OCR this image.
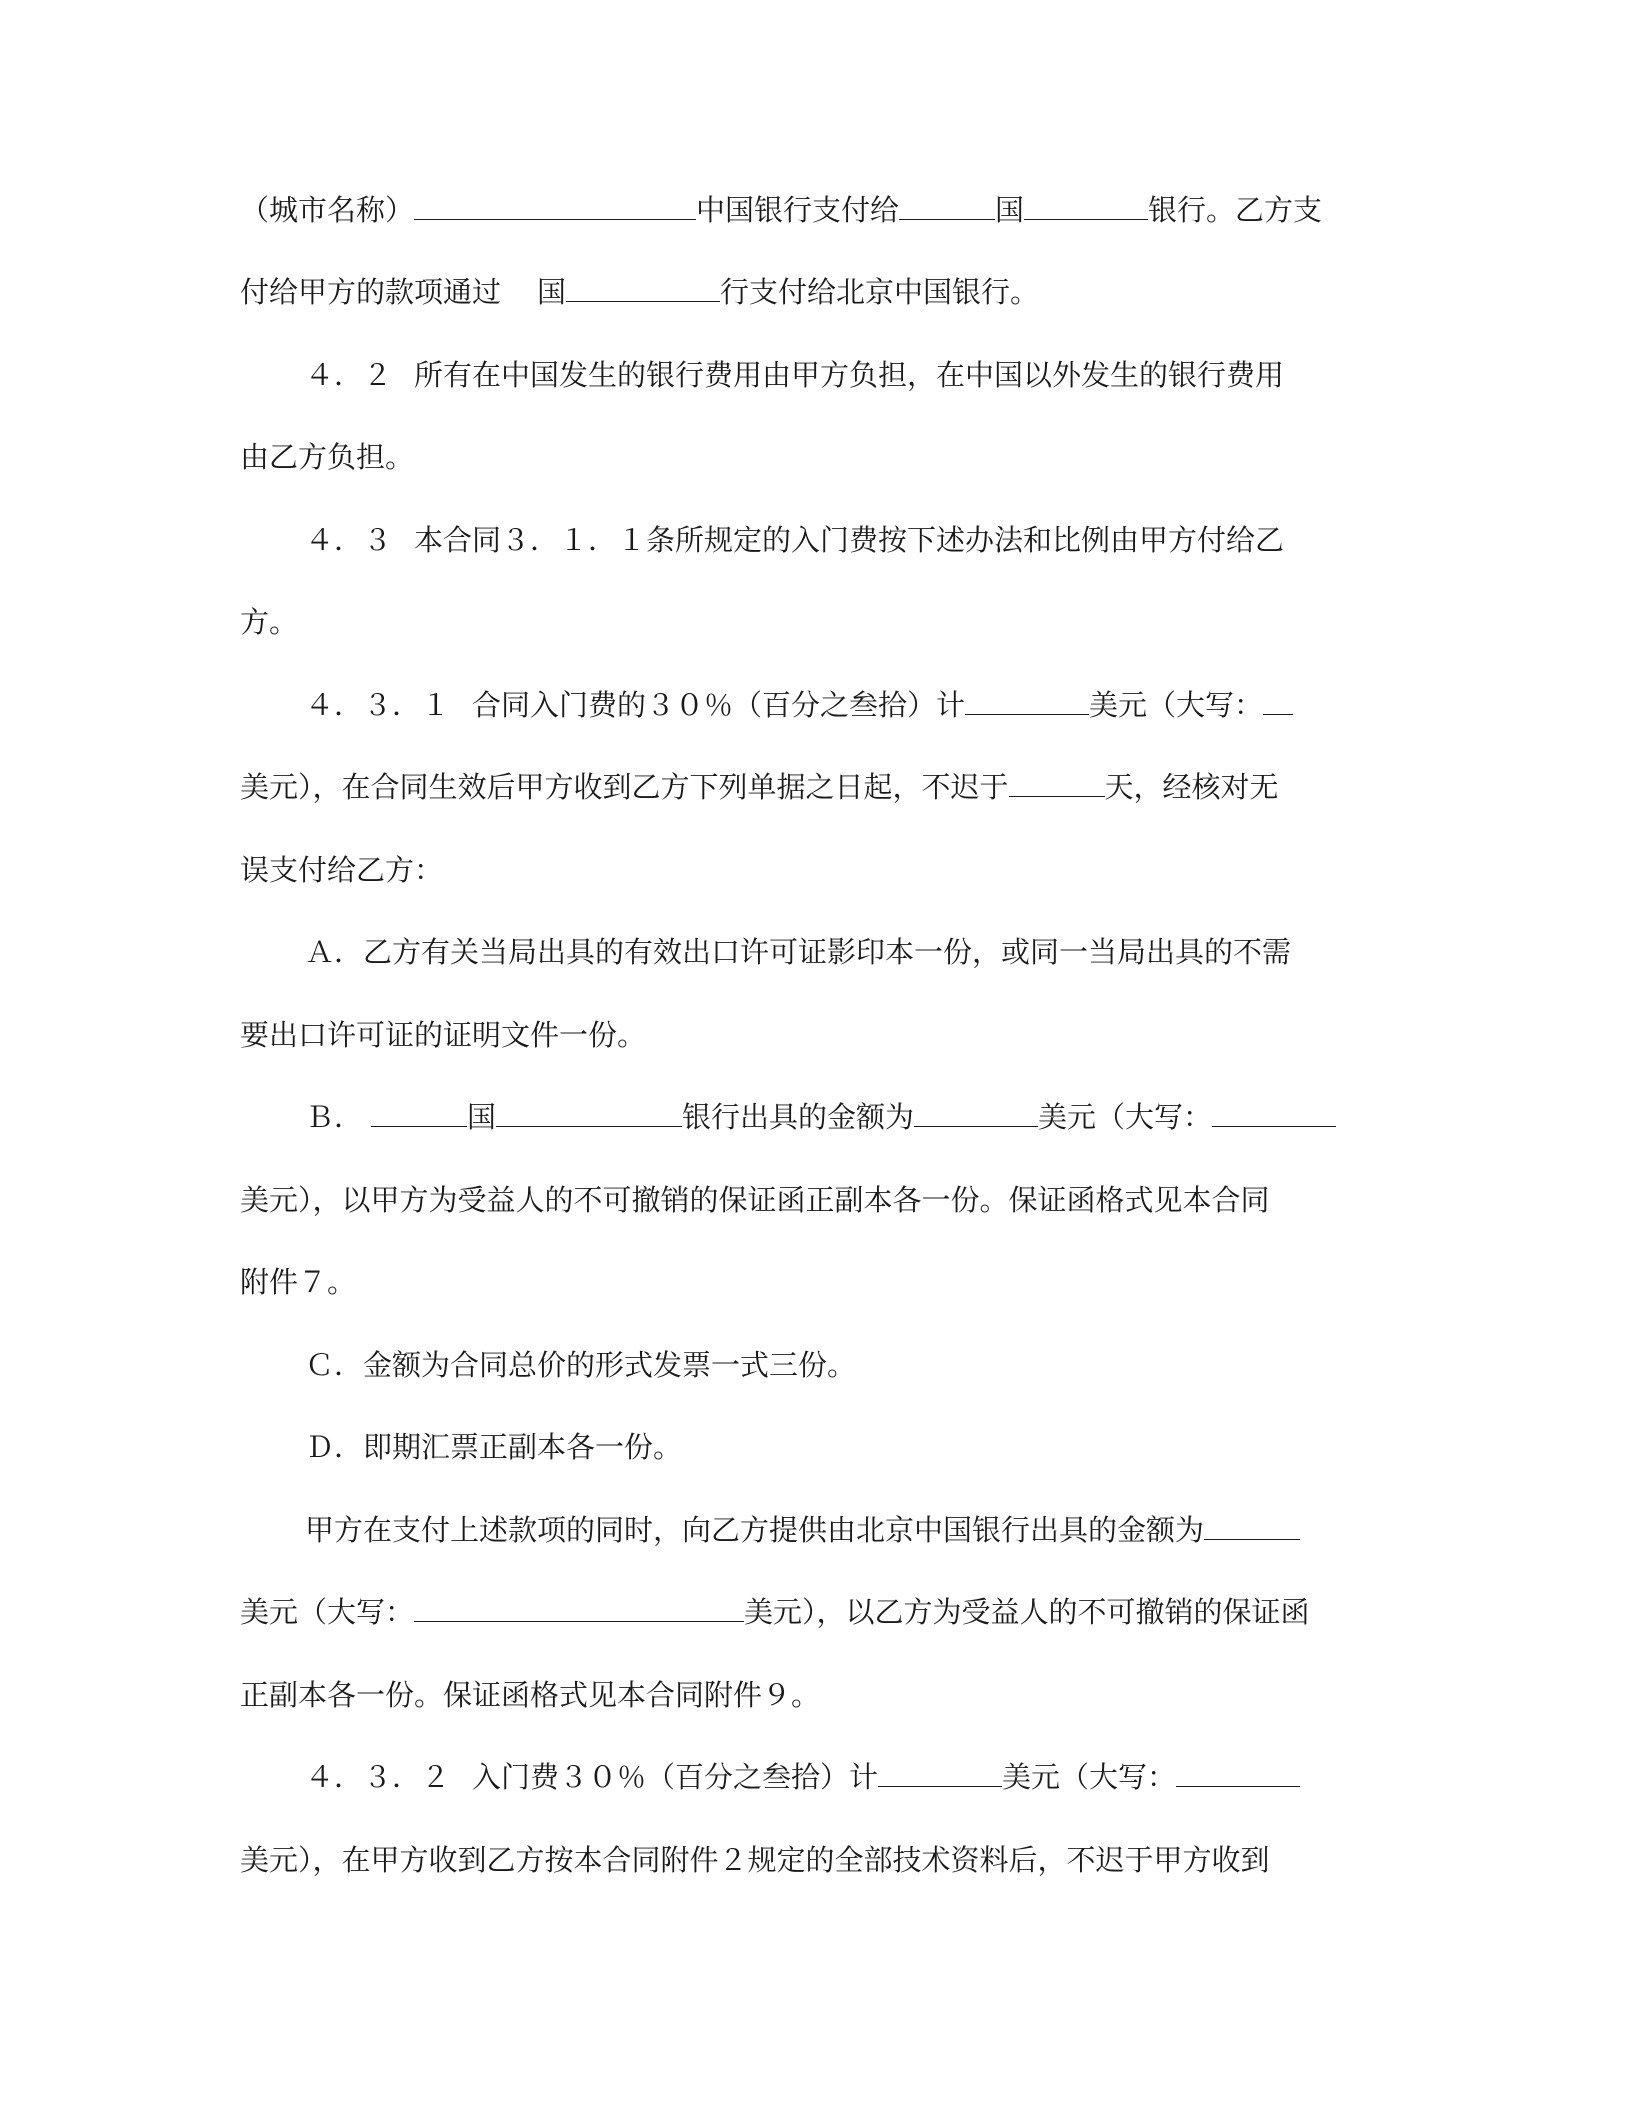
（城市名称）	中国银行支付给	国	银行。乙方支
付给甲方的款项通过 国	行支付给北京中国银行。
４．２ 所有在中国发生的银行费用由甲方负担，在中国以外发生的银行费用
由乙方负担。
４．３ 本合同３．１．１条所规定的入门费按下述办法和比例由甲方付给乙
方。
４．３．１ 合同入门费的３０％（百分之叁拾）计	美元（大写：
美元），在合同生效后甲方收到乙方下列单据之日起，不迟于	天，经核对无
误支付给乙方：
Ａ．乙方有关当局出具的有效出口许可证影印本一份，或同一当局出具的不需
要出口许可证的证明文件一份。
Ｂ．	国	银行出具的金额为	美元（大写：
美元），以甲方为受益人的不可撤销的保证函正副本各一份。保证函格式见本合同
附件７。
Ｃ．金额为合同总价的形式发票一式三份。
Ｄ．即期汇票正副本各一份。
甲方在支付上述款项的同时，向乙方提供由北京中国银行出具的金额为
美元（大写：	美元），以乙方为受益人的不可撤销的保证函
正副本各一份。保证函格式见本合同附件９。
４．３．２ 入门费３０％（百分之叁拾）计	美元（大写：
美元），在甲方收到乙方按本合同附件２规定的全部技术资料后，不迟于甲方收到
